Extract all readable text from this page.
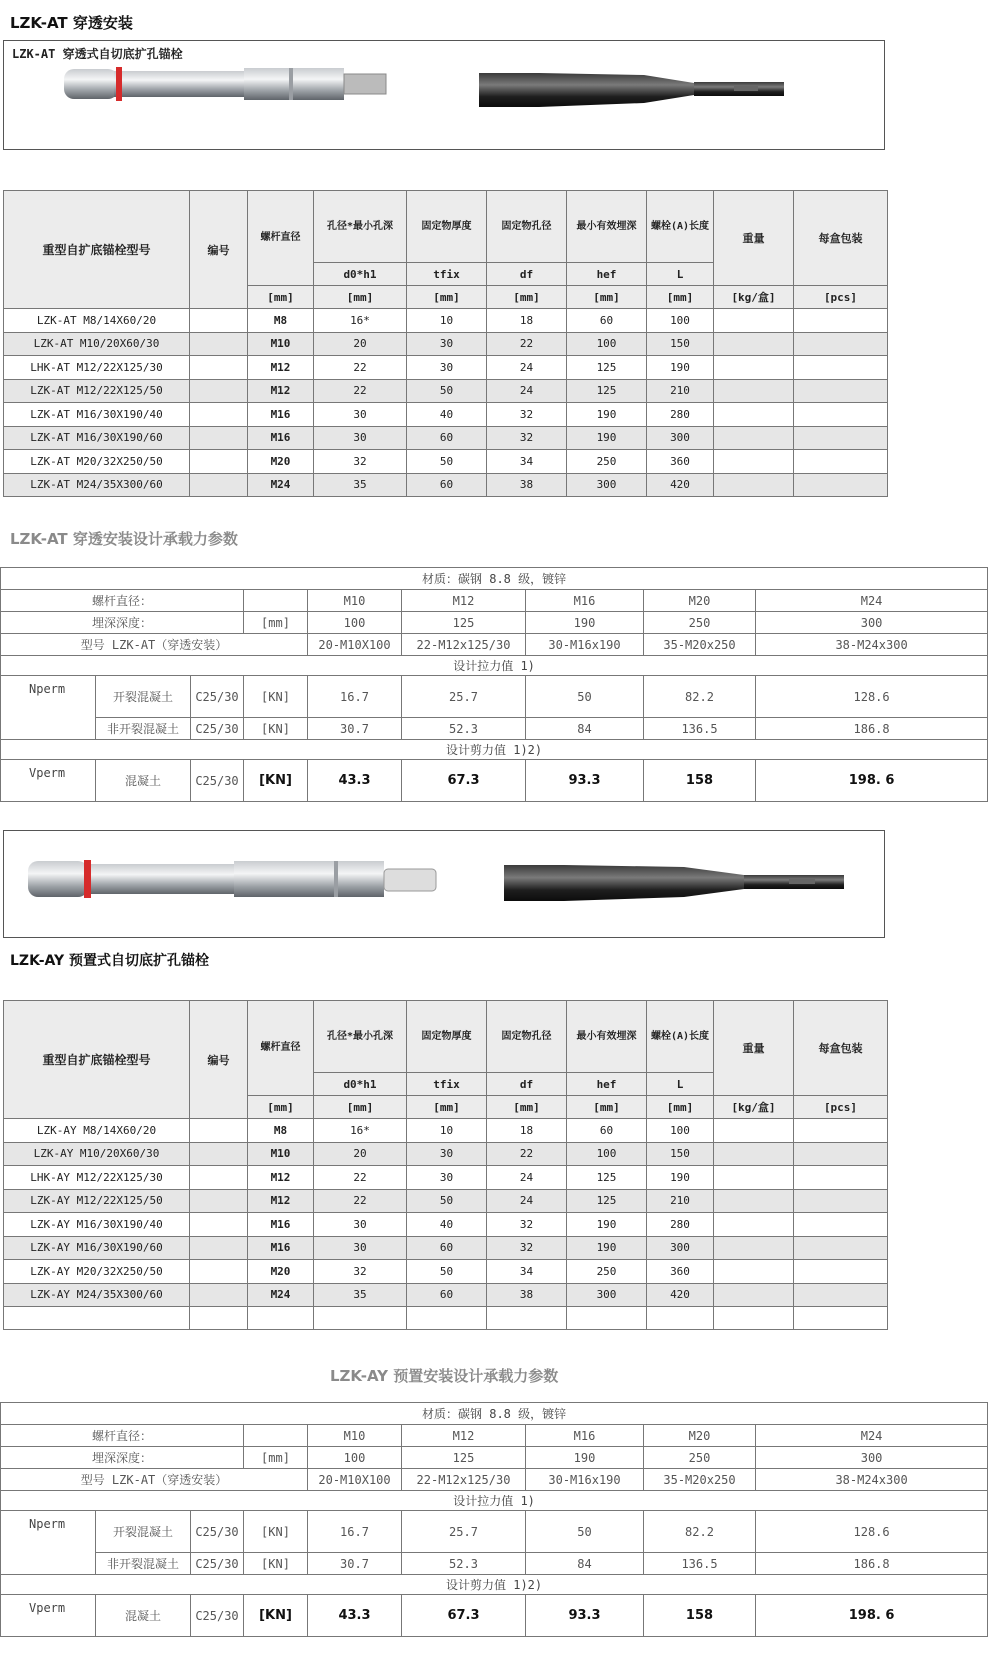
LZK-AT 穿透安装
LZK-AT 穿透式自切底扩孔锚栓
重型自扩底锚栓型号	编号	螺杆直径	孔径*最小孔深	固定物厚度	固定物孔径	最小有效埋深	螺栓(A)长度	重量	每盒包装
			d0*h1	tfix	df	hef	L		
		[mm]	[mm]	[mm]	[mm]	[mm]	[mm]	[kg/盒]	[pcs]
LZK-AT M8/14X60/20		M8	16*	10	18	60	100		
LZK-AT M10/20X60/30		M10	20	30	22	100	150		
LHK-AT M12/22X125/30		M12	22	30	24	125	190		
LZK-AT M12/22X125/50		M12	22	50	24	125	210		
LZK-AT M16/30X190/40		M16	30	40	32	190	280		
LZK-AT M16/30X190/60		M16	30	60	32	190	300		
LZK-AT M20/32X250/50		M20	32	50	34	250	360		
LZK-AT M24/35X300/60		M24	35	60	38	300	420		
LZK-AT 穿透安装设计承载力参数
材质：碳钢 8.8 级，镀锌								
螺杆直径：				M10	M12	M16	M20	M24
埋深深度：			[mm]	100	125	190	250	300
型号 LZK-AT（穿透安装）				20-M10X100	22-M12x125/30	30-M16x190	35-M20x250	38-M24x300
设计拉力值 1)								
Nperm	开裂混凝土	C25/30	[KN]	16.7	25.7	50	82.2	128.6
	非开裂混凝土	C25/30	[KN]	30.7	52.3	84	136.5	186.8
设计剪力值 1)2)								
Vperm	混凝土	C25/30	[KN]	43.3	67.3	93.3	158	198. 6
LZK-AY 预置式自切底扩孔锚栓
重型自扩底锚栓型号	编号	螺杆直径	孔径*最小孔深	固定物厚度	固定物孔径	最小有效埋深	螺栓(A)长度	重量	每盒包装
			d0*h1	tfix	df	hef	L		
		[mm]	[mm]	[mm]	[mm]	[mm]	[mm]	[kg/盒]	[pcs]
LZK-AY M8/14X60/20		M8	16*	10	18	60	100		
LZK-AY M10/20X60/30		M10	20	30	22	100	150		
LHK-AY M12/22X125/30		M12	22	30	24	125	190		
LZK-AY M12/22X125/50		M12	22	50	24	125	210		
LZK-AY M16/30X190/40		M16	30	40	32	190	280		
LZK-AY M16/30X190/60		M16	30	60	32	190	300		
LZK-AY M20/32X250/50		M20	32	50	34	250	360		
LZK-AY M24/35X300/60		M24	35	60	38	300	420		

LZK-AY 预置安装设计承载力参数
材质：碳钢 8.8 级，镀锌								
螺杆直径：				M10	M12	M16	M20	M24
埋深深度：			[mm]	100	125	190	250	300
型号 LZK-AT（穿透安装）				20-M10X100	22-M12x125/30	30-M16x190	35-M20x250	38-M24x300
设计拉力值 1)								
Nperm	开裂混凝土	C25/30	[KN]	16.7	25.7	50	82.2	128.6
	非开裂混凝土	C25/30	[KN]	30.7	52.3	84	136.5	186.8
设计剪力值 1)2)								
Vperm	混凝土	C25/30	[KN]	43.3	67.3	93.3	158	198. 6
